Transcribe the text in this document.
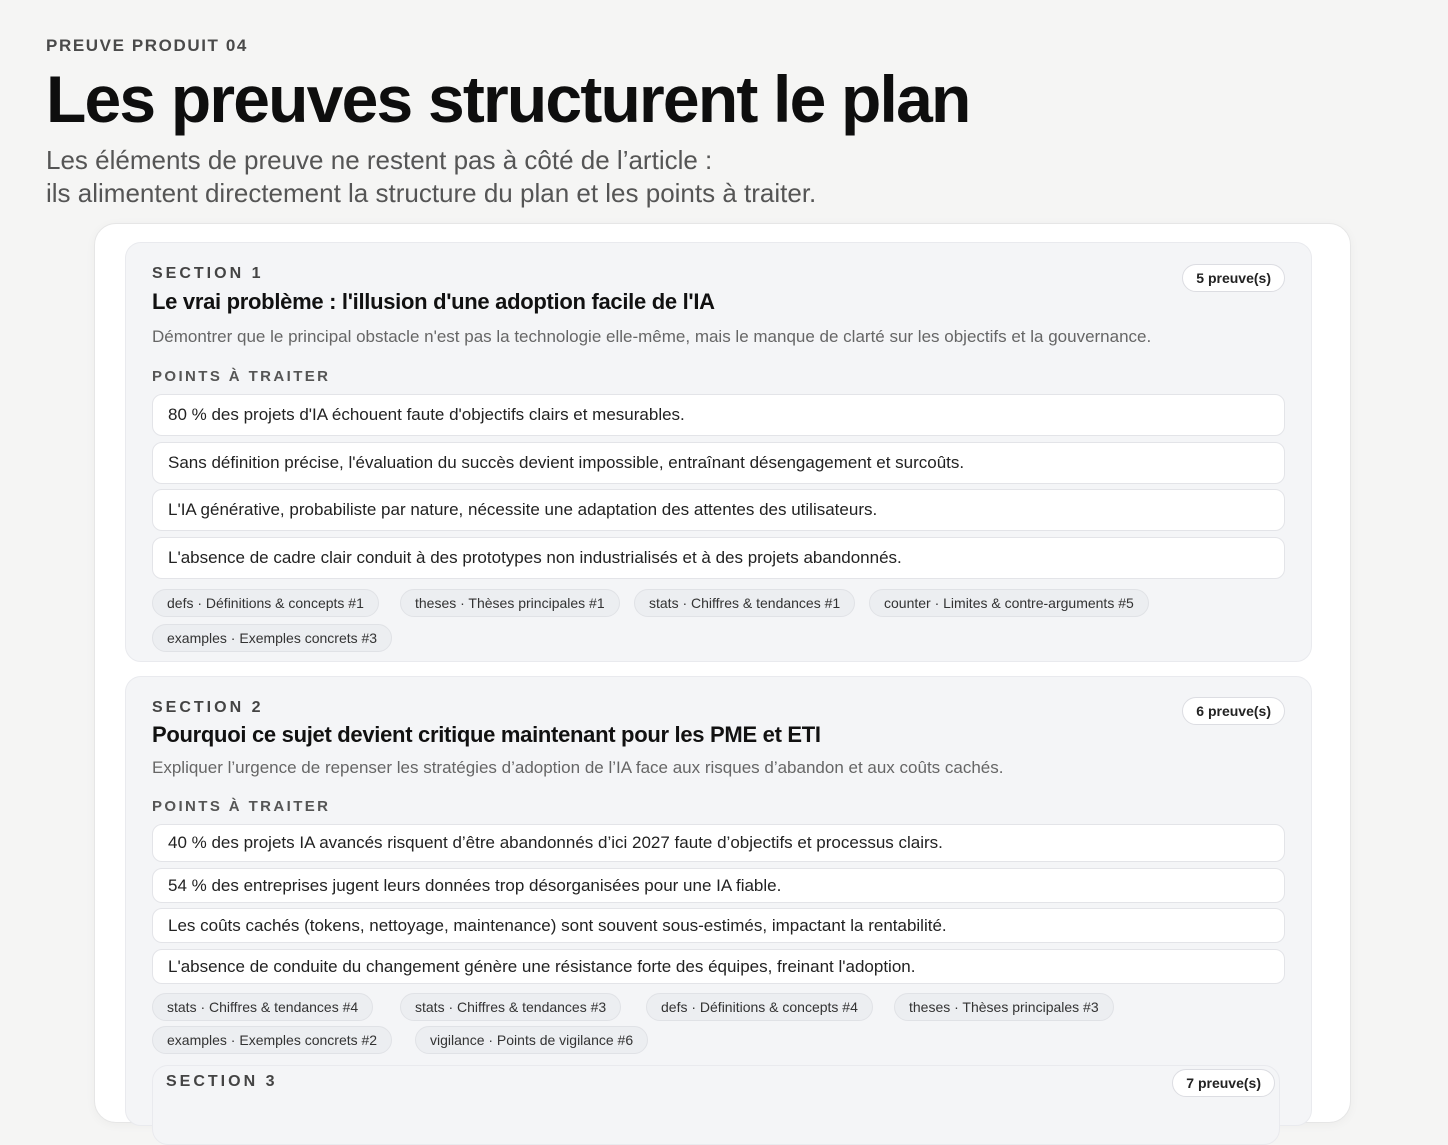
PREUVE PRODUIT 04
Les preuves structurent le plan
Les éléments de preuve ne restent pas à côté de l’article :
ils alimentent directement la structure du plan et les points à traiter.
SECTION 1	5 preuve(s)
Le vrai problème : l'illusion d'une adoption facile de l'IA
Démontrer que le principal obstacle n'est pas la technologie elle-même, mais le manque de clarté sur les objectifs et la gouvernance.
POINTS À TRAITER
80 % des projets d'IA échouent faute d'objectifs clairs et mesurables.
Sans définition précise, l'évaluation du succès devient impossible, entraînant désengagement et surcoûts.
L'IA générative, probabiliste par nature, nécessite une adaptation des attentes des utilisateurs.
L'absence de cadre clair conduit à des prototypes non industrialisés et à des projets abandonnés.
defs · Définitions & concepts #1	theses · Thèses principales #1	stats · Chiffres & tendances #1	counter · Limites & contre-arguments #5
examples · Exemples concrets #3
SECTION 2	6 preuve(s)
Pourquoi ce sujet devient critique maintenant pour les PME et ETI
Expliquer l’urgence de repenser les stratégies d’adoption de l’IA face aux risques d’abandon et aux coûts cachés.
POINTS À TRAITER
40 % des projets IA avancés risquent d’être abandonnés d’ici 2027 faute d’objectifs et processus clairs.
54 % des entreprises jugent leurs données trop désorganisées pour une IA fiable.
Les coûts cachés (tokens, nettoyage, maintenance) sont souvent sous-estimés, impactant la rentabilité.
L'absence de conduite du changement génère une résistance forte des équipes, freinant l'adoption.
stats · Chiffres & tendances #4	stats · Chiffres & tendances #3	defs · Définitions & concepts #4	theses · Thèses principales #3
examples · Exemples concrets #2	vigilance · Points de vigilance #6
SECTION 3	7 preuve(s)
